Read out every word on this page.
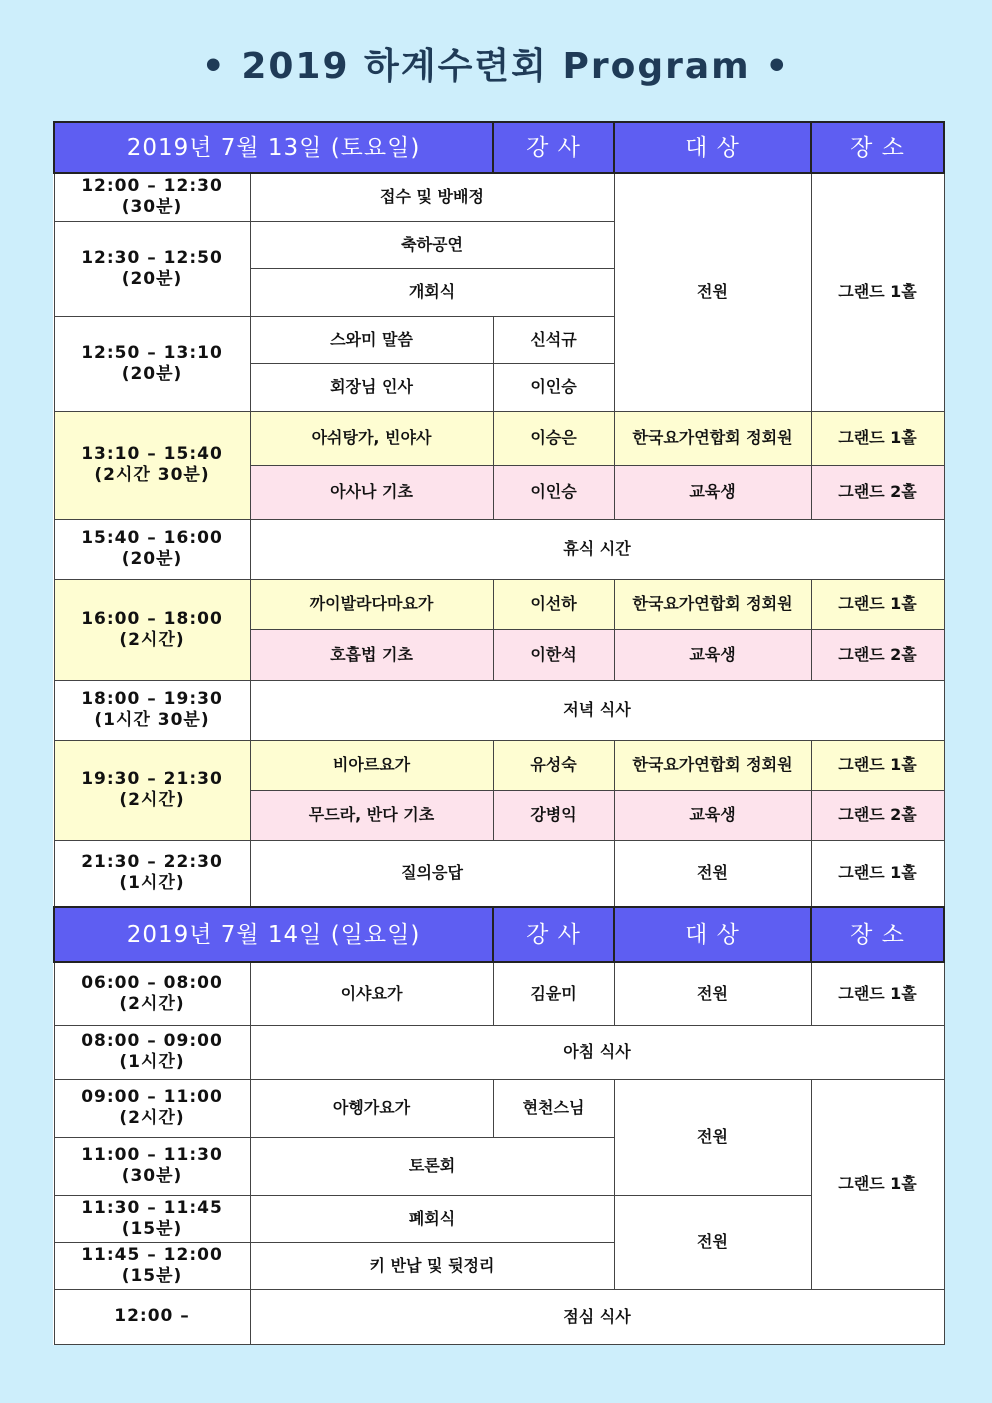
• 2019 하계수련회 Program •
2019년 7월 13일 (토요일)		강 사	대 상	장 소
12:00 – 12:30
(30분)	접수 및 방배정		전원	그랜드 1홀
12:30 – 12:50
(20분)	축하공연			
	개회식			
12:50 – 13:10
(20분)	스와미 말씀	신석규		
	회장님 인사	이인승		
13:10 – 15:40
(2시간 30분)	아쉬탕가, 빈야사	이승은	한국요가연합회 정회원	그랜드 1홀
	아사나 기초	이인승	교육생	그랜드 2홀
15:40 – 16:00
(20분)	휴식 시간			
16:00 – 18:00
(2시간)	까이발라다마요가	이선하	한국요가연합회 정회원	그랜드 1홀
	호흡법 기초	이한석	교육생	그랜드 2홀
18:00 – 19:30
(1시간 30분)	저녁 식사			
19:30 – 21:30
(2시간)	비아르요가	유성숙	한국요가연합회 정회원	그랜드 1홀
	무드라, 반다 기초	강병익	교육생	그랜드 2홀
21:30 – 22:30
(1시간)	질의응답		전원	그랜드 1홀
2019년 7월 14일 (일요일)		강 사	대 상	장 소
06:00 – 08:00
(2시간)	이샤요가	김윤미	전원	그랜드 1홀
08:00 – 09:00
(1시간)	아침 식사			
09:00 – 11:00
(2시간)	아헹가요가	현천스님	전원	그랜드 1홀
11:00 – 11:30
(30분)	토론회			
11:30 – 11:45
(15분)	폐회식		전원	
11:45 – 12:00
(15분)	키 반납 및 뒷정리			
12:00 –	점심 식사			
